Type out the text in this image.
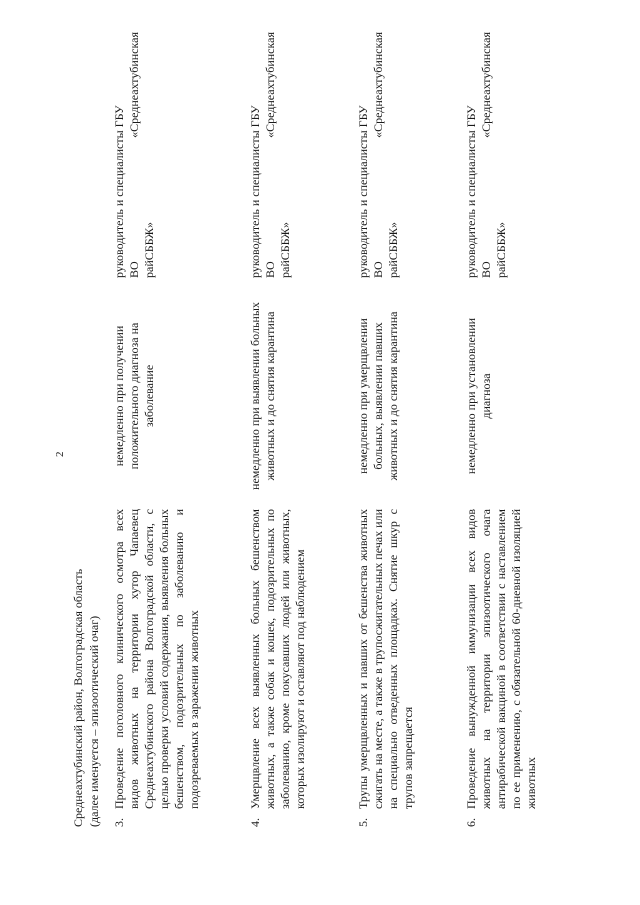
2
Среднеахтубинский район, Волгоградская область (далее именуется – эпизоотический очаг) 3.
Проведение поголовного клинического осмотра всех видов животных на территории хутор Чапаевец Среднеахтубинского района Волгоградской области, с целью проверки условий содержания, выявления больных бешенством, подозрительных по заболеванию и подозреваемых в заражении животных
немедленно при получении положительного диагноза на заболевание
руководитель и специалисты ГБУ ВО
«Среднеахтубинская
райСББЖ»
4.
Умерщвление всех выявленных больных бешенством животных, а также собак и кошек, подозрительных по заболеванию, кроме покусавших людей или животных, которых изолируют и оставляют под наблюдением
немедленно при выявлении больных животных и до снятия карантина
руководитель и специалисты ГБУ ВО
«Среднеахтубинская
райСББЖ»
5.
Трупы умерщвленных и павших от бешенства животных сжигать на месте, а также в трупосжигательных печах или на специально отведенных площадках. Снятие шкур с трупов запрещается
немедленно при умерщвлении больных, выявлении павших животных и до снятия карантина
руководитель и специалисты ГБУ ВО
«Среднеахтубинская
райСББЖ»
6.
Проведение вынужденной иммунизации всех видов животных на территории эпизоотического очага антирабической вакциной в соответствии с наставлением по ее применению, с обязательной 60-дневной изоляцией животных
немедленно при установлении диагноза
руководитель и специалисты ГБУ ВО
«Среднеахтубинская
райСББЖ»
